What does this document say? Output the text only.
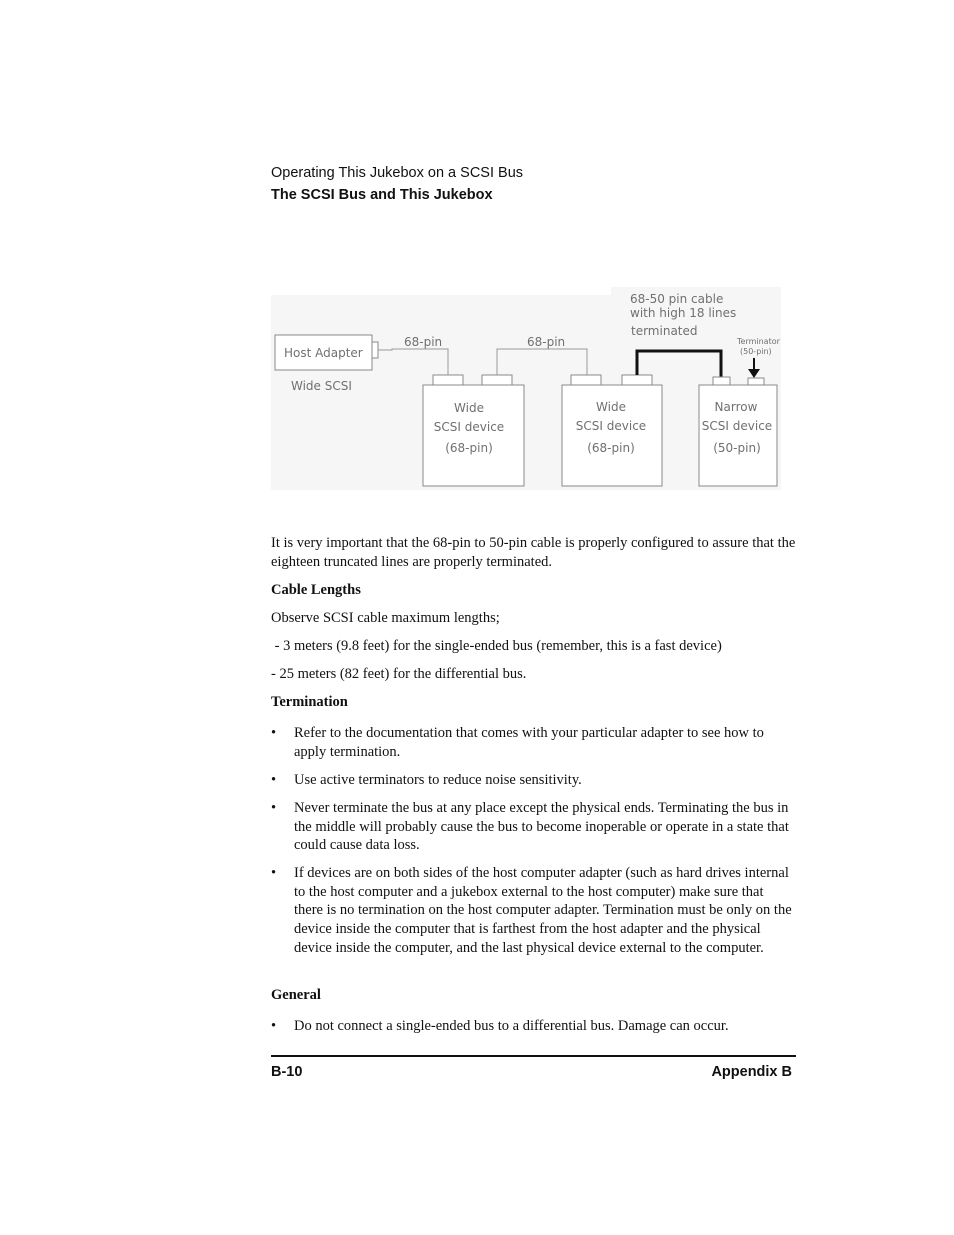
Operating This Jukebox on a SCSI Bus
The SCSI Bus and This Jukebox
Host Adapter
Wide SCSI
68-pin
Wide
SCSI device
(68-pin)
68-pin
Wide
SCSI device
(68-pin)
68-50 pin cable
with high 18 lines
terminated
Terminator
(50-pin)
Narrow
SCSI device
(50-pin)

It is very important that the 68-pin to 50-pin cable is properly configured to assure that the eighteen truncated lines are properly terminated.

Cable Lengths
Observe SCSI cable maximum lengths;
- 3 meters (9.8 feet) for the single-ended bus (remember, this is a fast device)
- 25 meters (82 feet) for the differential bus.
Termination
• Refer to the documentation that comes with your particular adapter to see how to apply termination.
• Use active terminators to reduce noise sensitivity.
• Never terminate the bus at any place except the physical ends. Terminating the bus in the middle will probably cause the bus to become inoperable or operate in a state that could cause data loss.
• If devices are on both sides of the host computer adapter (such as hard drives internal to the host computer and a jukebox external to the host computer) make sure that there is no termination on the host computer adapter. Termination must be only on the device inside the computer that is farthest from the host adapter and the physical device inside the computer, and the last physical device external to the computer.
General
• Do not connect a single-ended bus to a differential bus. Damage can occur.
B-10	Appendix B
